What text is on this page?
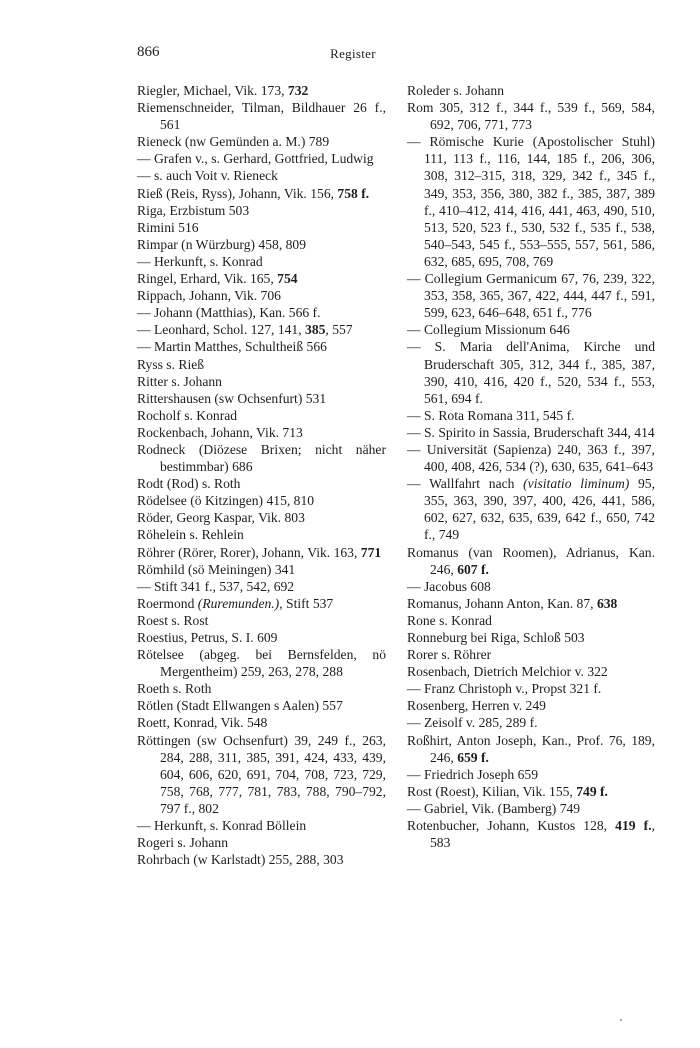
866	Register
Riegler, Michael, Vik. 173, 732
Riemenschneider, Tilman, Bildhauer 26 f., 561
Rieneck (nw Gemünden a. M.) 789
— Grafen v., s. Gerhard, Gottfried, Ludwig
— s. auch Voit v. Rieneck
Rieß (Reis, Ryss), Johann, Vik. 156, 758 f.
Riga, Erzbistum 503
Rimini 516
Rimpar (n Würzburg) 458, 809
— Herkunft, s. Konrad
Ringel, Erhard, Vik. 165, 754
Rippach, Johann, Vik. 706
— Johann (Matthias), Kan. 566 f.
— Leonhard, Schol. 127, 141, 385, 557
— Martin Matthes, Schultheiß 566
Ryss s. Rieß
Ritter s. Johann
Rittershausen (sw Ochsenfurt) 531
Rocholf s. Konrad
Rockenbach, Johann, Vik. 713
Rodneck (Diözese Brixen; nicht näher bestimmbar) 686
Rodt (Rod) s. Roth
Rödelsee (ö Kitzingen) 415, 810
Röder, Georg Kaspar, Vik. 803
Röhelein s. Rehlein
Röhrer (Rörer, Rorer), Johann, Vik. 163, 771
Römhild (sö Meiningen) 341
— Stift 341 f., 537, 542, 692
Roermond (Ruremunden.), Stift 537
Roest s. Rost
Roestius, Petrus, S. I. 609
Rötelsee (abgeg. bei Bernsfelden, nö Mergentheim) 259, 263, 278, 288
Roeth s. Roth
Rötlen (Stadt Ellwangen s Aalen) 557
Roett, Konrad, Vik. 548
Röttingen (sw Ochsenfurt) 39, 249 f., 263, 284, 288, 311, 385, 391, 424, 433, 439, 604, 606, 620, 691, 704, 708, 723, 729, 758, 768, 777, 781, 783, 788, 790–792, 797 f., 802
— Herkunft, s. Konrad Böllein
Rogeri s. Johann
Rohrbach (w Karlstadt) 255, 288, 303
Roleder s. Johann
Rom 305, 312 f., 344 f., 539 f., 569, 584, 692, 706, 771, 773
— Römische Kurie (Apostolischer Stuhl) 111, 113 f., 116, 144, 185 f., 206, 306, 308, 312–315, 318, 329, 342 f., 345 f., 349, 353, 356, 380, 382 f., 385, 387, 389 f., 410–412, 414, 416, 441, 463, 490, 510, 513, 520, 523 f., 530, 532 f., 535 f., 538, 540–543, 545 f., 553–555, 557, 561, 586, 632, 685, 695, 708, 769
— Collegium Germanicum 67, 76, 239, 322, 353, 358, 365, 367, 422, 444, 447 f., 591, 599, 623, 646–648, 651 f., 776
— Collegium Missionum 646
— S. Maria dell'Anima, Kirche und Bruderschaft 305, 312, 344 f., 385, 387, 390, 410, 416, 420 f., 520, 534 f., 553, 561, 694 f.
— S. Rota Romana 311, 545 f.
— S. Spirito in Sassia, Bruderschaft 344, 414
— Universität (Sapienza) 240, 363 f., 397, 400, 408, 426, 534 (?), 630, 635, 641–643
— Wallfahrt nach (visitatio liminum) 95, 355, 363, 390, 397, 400, 426, 441, 586, 602, 627, 632, 635, 639, 642 f., 650, 742 f., 749
Romanus (van Roomen), Adrianus, Kan. 246, 607 f.
— Jacobus 608
Romanus, Johann Anton, Kan. 87, 638
Rone s. Konrad
Ronneburg bei Riga, Schloß 503
Rorer s. Röhrer
Rosenbach, Dietrich Melchior v. 322
— Franz Christoph v., Propst 321 f.
Rosenberg, Herren v. 249
— Zeisolf v. 285, 289 f.
Roßhirt, Anton Joseph, Kan., Prof. 76, 189, 246, 659 f.
— Friedrich Joseph 659
Rost (Roest), Kilian, Vik. 155, 749 f.
— Gabriel, Vik. (Bamberg) 749
Rotenbucher, Johann, Kustos 128, 419 f., 583
